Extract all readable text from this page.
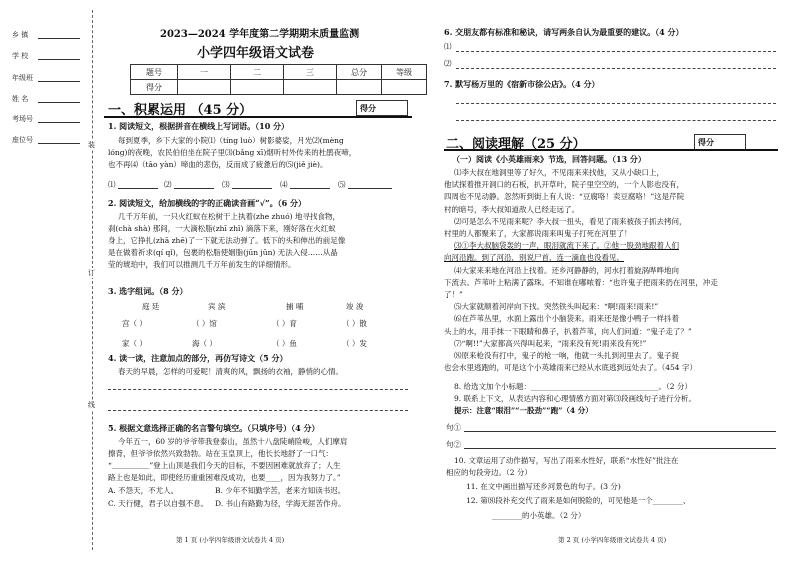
乡 镇
学 校
年级班
姓 名
考场号
座位号
装
订
线
2023—2024 学年度第二学期期末质量监测
小学四年级语文试卷
题号	一	二	三	总分	等级
得分					
一、积累运用 （45 分）	得分
1. 阅读短文，根据拼音在横线上写词语。（10 分）
每到夏季，乡下大家的小院⑴（tíng luò）树影婆娑，月光⑵(mèng
lóng)的夜晚，农民伯伯坐在院子里⑶(bǎng xī)烟听村外传来的杜鹃夜啼，
也不再⑷（tāo yàn）啼血的悲伤，反而成了疲惫后的⑸(jiě jiè)。
⑴	⑵	⑶	⑷	⑸
2. 阅读短文，给加横线的字的正确读音画“√”。（6 分）
几千万年前，一只火红蚁在松树干上执着(zhe zhuó) 地寻找食物，
刹(chà shà) 那间，一大滴松脂(zhī zhǐ) 滴落下来，刚好落在火红蚁
身上，它挣扎(zhā zhē)了一下就无法动弹了。低下的头和伸出的前足像
是在做着祈求(qí qǐ)，包裹的松脂使姻脂(jūn jūn) 无法入侵……从晶
莹的琥珀中，我们可以推测几千万年前发生的详细情形。
3. 选字组词。（8 分）
庭 廷	宾 滨	捕 哺	竣 浚
宫（ ）	（ ）馆	（ ）育	（ ）散
家（ ）	海（ ）	（ ）鱼	（ ）发
4. 读一读，注意加点的部分，再仿写诗文（5 分）
春天的早晨，怎样的可爱呢！清爽的风，飘扬的衣袖，静悄的心情。
5. 根据文意选择正确的名言警句填空。（只填序号）（4 分）
今年五一，60 岁的爷爷带我登泰山，虽然十八盘陡峭险峻，人们摩肩
擦背，但爷爷依然兴致勃勃。站在玉皇顶上，他长长地舒了一口气：
“＿＿＿＿＿”登上山顶是我们今天的目标，不要因困难就放弃了；人生
路上也是如此，即使经历重重困难没成功，也要____，因为我努力了。”
A. 不怨天，不尤人。	B. 少年不知勤学苦，老来方知读书迟。
C. 天行健，君子以自强不息。 D. 书山有路勤为径，学海无涯苦作舟。
第 1 页 (小学四年级语文试卷共 4 页)
6. 交朋友都有标准和秘诀，请写两条自认为最重要的建议。（4 分）
⑴
⑵
7. 默写杨万里的《宿新市徐公店》。（4 分）
二、阅读理解（25 分）	得分
（一）阅读《小英雄雨来》节选，回答问题。（13 分）
⑴李大叔在地洞里等了好久，不见雨来来找他，又从小缺口上，
他试探着推开洞口的石板，扒开草叶，院子里空空的，一个人影也没有，
四周也不见动静。忽然听到街上有人说：“豆腐咯！卖豆腐咯！”这是芹院
村的暗号，李大叔知道敌人已经走远了。
⑵可是怎么不见雨来呢？李大叔一扭头，看见了雨来被孩子抓去拷问，
村里的人都聚来了，大家都说雨来叫鬼子打死在河里了！
⑶①李大叔脑袋轰的一声，眼泪就流下来了。②他一股劲地跟着人们
向河沿跑。到了河沿，别说尸首，连一滴血也没看见。
⑷大家来来地在河沿上找着。还乡河静静的，河水打着旋涡哗哗地向
下流去。芦苇叶上粘满了露珠。不知谁在嘟哝着：“也许鬼子把雨来扔在河里，冲走
了！”
⑸大家就顺着河岸向下找。突然铁头叫起来：“啊!雨来!雨来!”
⑹在芦苇丛里，水面上露出个小脑袋来。雨来还是像小鸭子一样抖着
头上的水，用手抹一下眼睛和鼻子，扒着芦苇，向人们问道：“鬼子走了？”
⑺“啊!!”大家都高兴得叫起来，“雨来没有死!雨来没有死!”
⑻原来枪没有打中，鬼子的枪一响，他就一头扎到河里去了。鬼子捉
也会水里逃跑的，可是这个小英雄雨来已经从水底逃到远处去了。（454 字）
8. 给选文加个小标题：__________________________________。（2 分）
9. 联系上下文，从表达内容和心理情感方面对第⑶段画线句子进行分析。
提示：注意“眼泪”“一股劲”“跑”（4 分）
句①
句②
10. 文章运用了动作描写，写出了雨来水性好，联系“水性好”批注在
相应的句段旁边。（2 分）
11. 在文中画出描写还乡河景色的句子。(3 分)
12. 第⑻段补充交代了雨来是如何脱险的，可见他是一个________、
________的小英雄。（2 分）
第 2 页 (小学四年级语文试卷共 4 页)
